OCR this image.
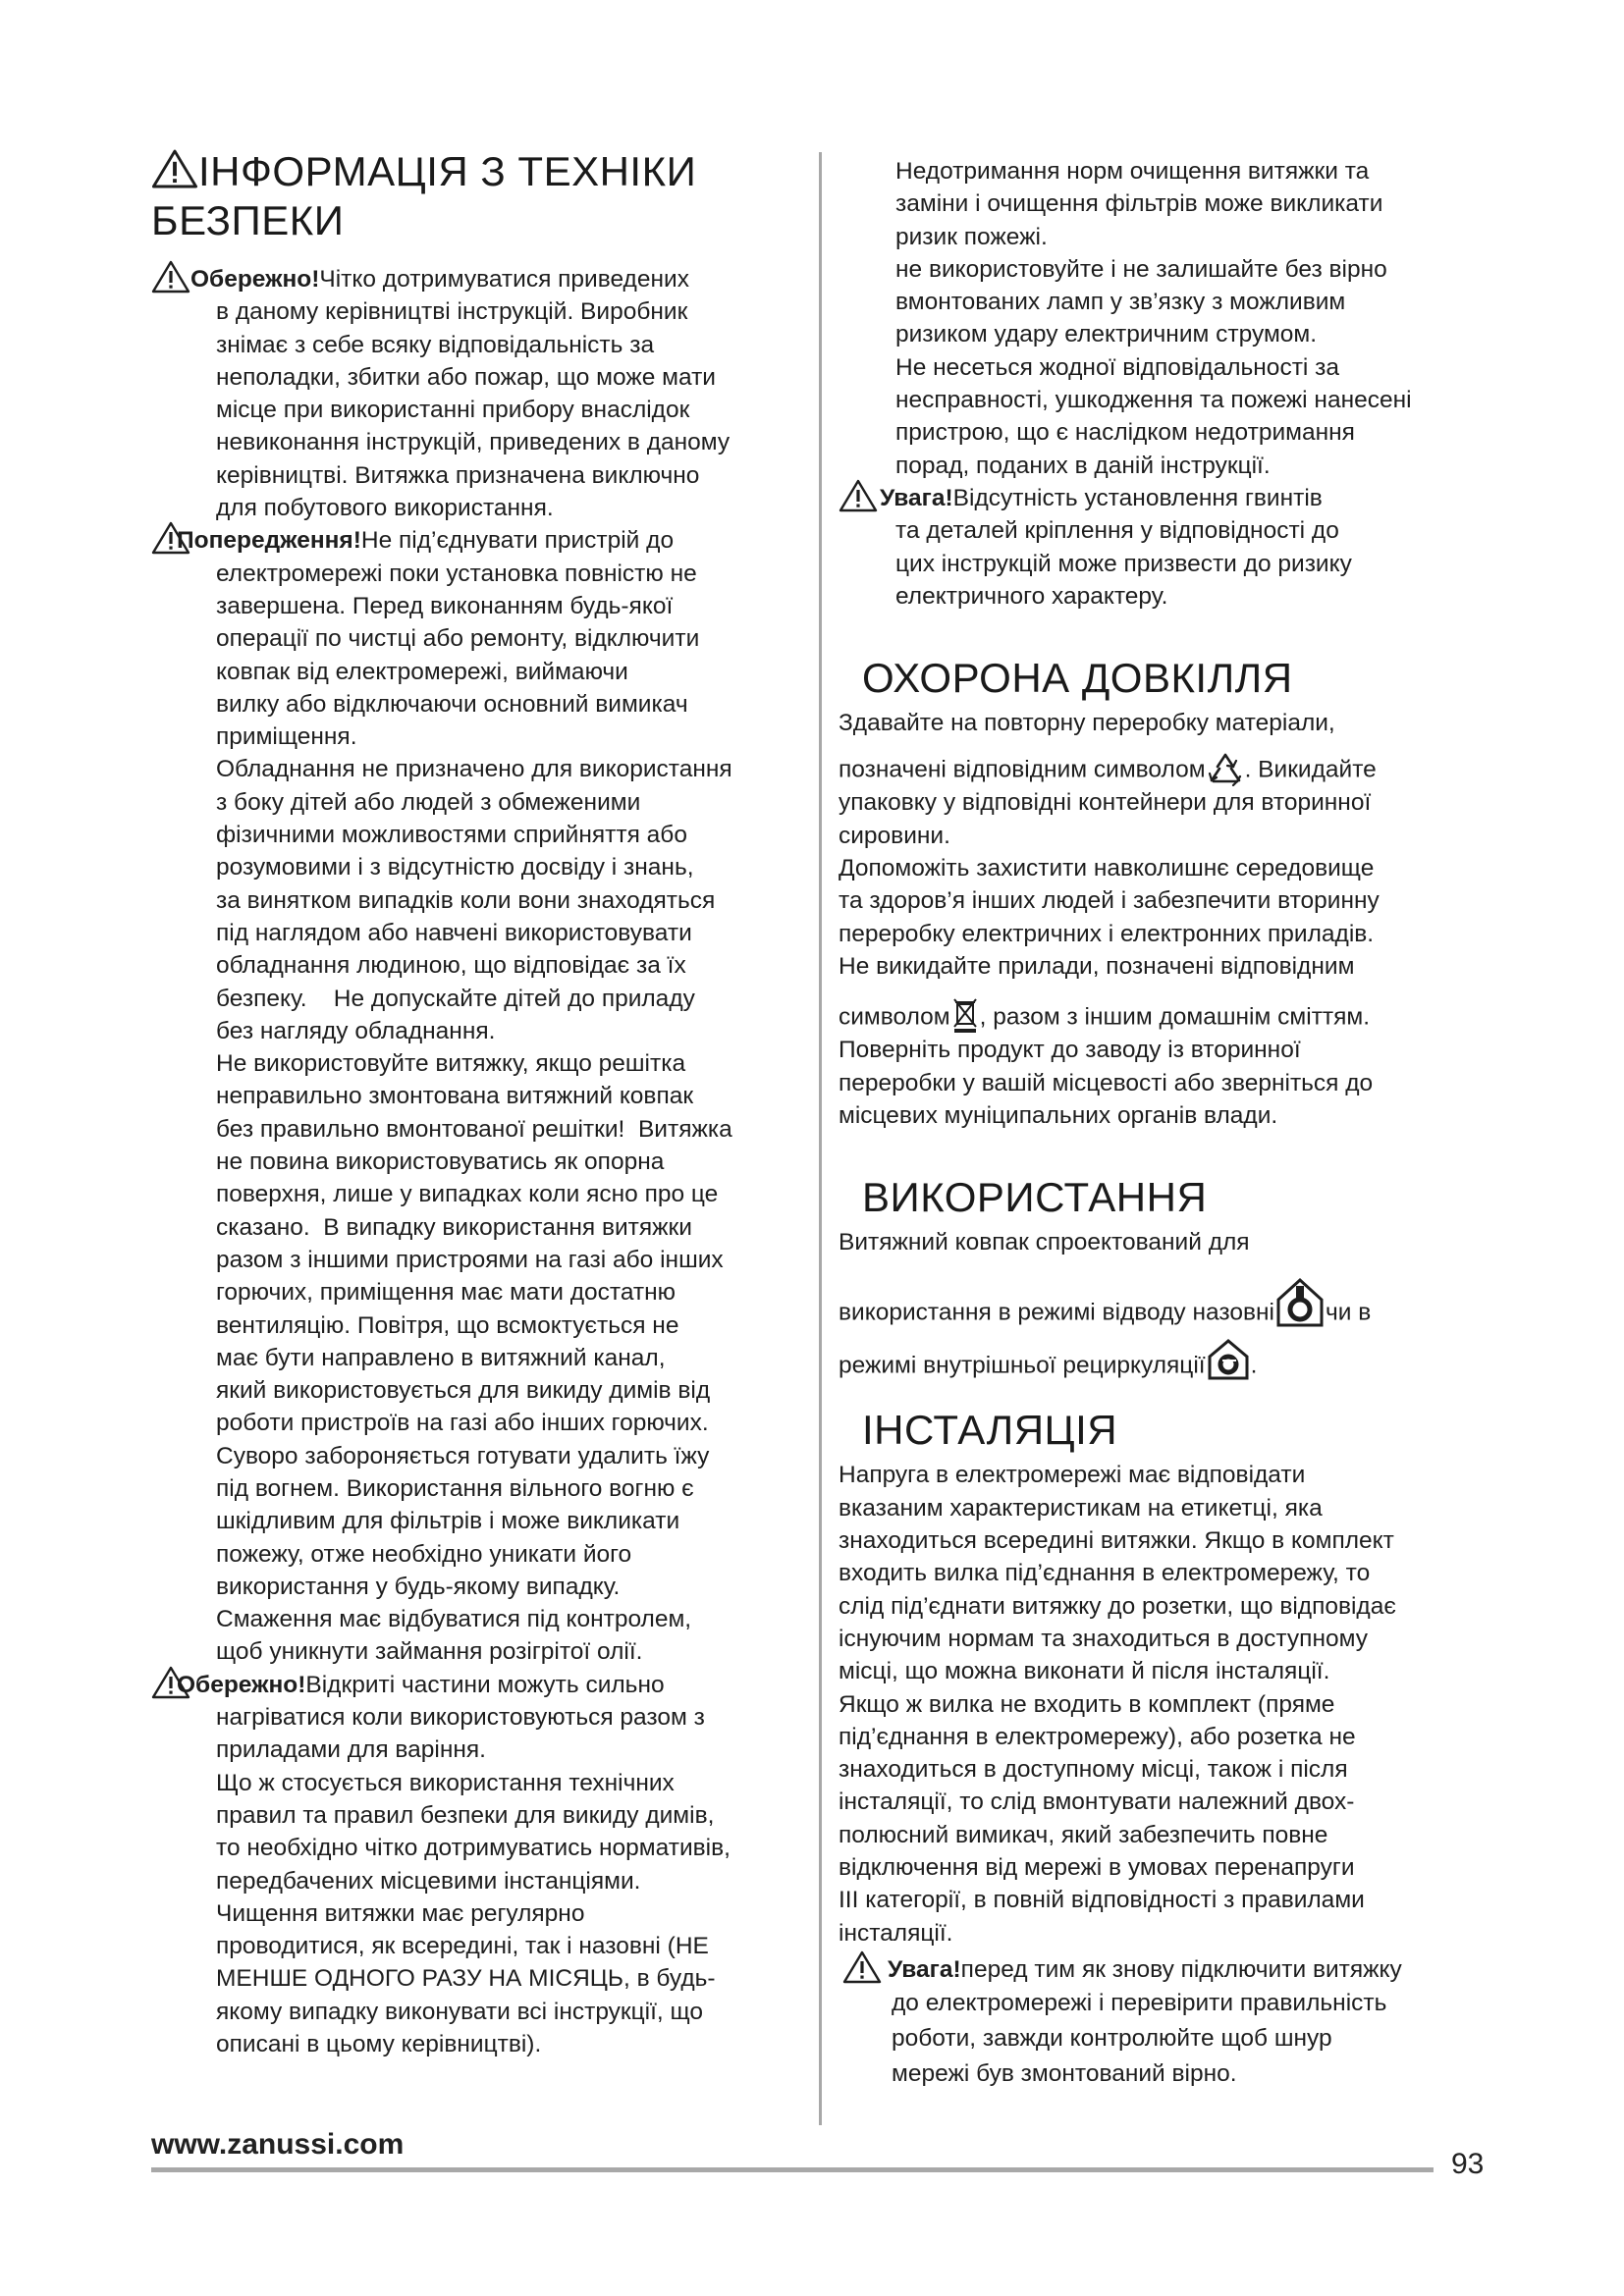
ІНФОРМАЦІЯ З ТЕХНІКИ БЕЗПЕКИ
Обережно!Чітко дотримуватися приведених
в даному керівництві інструкцій. Виробник
знімає з себе всяку відповідальність за
неполадки, збитки або пожар, що може мати
місце при використанні прибору внаслідок
невиконання інструкцій, приведених в даному
керівництві. Витяжка призначена виключно
для побутового використання.
Попередження!Не під’єднувати пристрій до
електромережі поки установка повністю не
завершена. Перед виконанням будь-якої
операції по чистці або ремонту, відключити
ковпак від електромережі, виймаючи
вилку або відключаючи основний вимикач
приміщення.
Обладнання не призначено для використання
з боку дітей або людей з обмеженими
фізичними можливостями сприйняття або
розумовими і з відсутністю досвіду і знань,
за винятком випадків коли вони знаходяться
під наглядом або навчені використовувати
обладнання людиною, що відповідає за їх
безпеку.    Не допускайте дітей до приладу
без нагляду обладнання.
Не використовуйте витяжку, якщо решітка
неправильно змонтована витяжний ковпак
без правильно вмонтованої решітки!  Витяжка
не повина використовуватись як опорна
поверхня, лише у випадках коли ясно про це
сказано.  В випадку використання витяжки
разом з іншими пристроями на газі або інших
горючих, приміщення має мати достатню
вентиляцію. Повітря, що всмоктується не
має бути направлено в витяжний канал,
який використовується для викиду димів від
роботи пристроїв на газі або інших горючих.
Суворо забороняється готувати удалить їжу
під вогнем. Використання вільного вогню є
шкідливим для фільтрів і може викликати
пожежу, отже необхідно уникати його
використання у будь-якому випадку.
Смаження має відбуватися під контролем,
щоб уникнути займання розігрітої олії.
Обережно!Відкриті частини можуть сильно
нагріватися коли використовуються разом з
приладами для варіння.
Що ж стосується використання технічних
правил та правил безпеки для викиду димів,
то необхідно чітко дотримуватись нормативів,
передбачених місцевими інстанціями.
Чищення витяжки має регулярно
проводитися, як всередині, так і назовні (НЕ
МЕНШЕ ОДНОГО РАЗУ НА МІСЯЦЬ, в будь-
якому випадку виконувати всі інструкції, що
описані в цьому керівництві).
Недотримання норм очищення витяжки та
заміни і очищення фільтрів може викликати
ризик пожежі.
не використовуйте і не залишайте без вірно
вмонтованих ламп у зв’язку з можливим
ризиком удару електричним струмом.
Не несеться жодної відповідальності за
несправності, ушкодження та пожежі нанесені
пристрою, що є наслідком недотримання
порад, поданих в даній інструкції.
Увага!Відсутність установлення гвинтів
та деталей кріплення у відповідності до
цих інструкцій може призвести до ризику
електричного характеру.
ОХОРОНА ДОВКІЛЛЯ

Здавайте на повторну переробку матеріали,

позначені відповідним символом . Викидайте

упаковку у відповідні контейнери для вторинної
сировини.
Допоможіть захистити навколишнє середовище
та здоров’я інших людей і забезпечити вторинну
переробку електричних і електронних приладів.
Не викидайте прилади, позначені відповідним

символом , разом з іншим домашнім сміттям.

Поверніть продукт до заводу із вторинної
переробки у вашій місцевості або зверніться до
місцевих муніципальних органів влади.
ВИКОРИСТАННЯ

Витяжний ковпак спроектований для

використання в режимі відводу назовні чи в

режимі внутрішньої рециркуляції .

ІНСТАЛЯЦІЯ
Напруга в електромережі має відповідати
вказаним характеристикам на етикетці, яка
знаходиться всередині витяжки. Якщо в комплект
входить вилка під’єднання в електромережу, то
слід під’єднати витяжку до розетки, що відповідає
існуючим нормам та знаходиться в доступному
місці, що можна виконати й після інсталяції.
Якщо ж вилка не входить в комплект (пряме
під’єднання в електромережу), або розетка не
знаходиться в доступному місці, також і після
інсталяції, то слід вмонтувати належний двох-
полюсний вимикач, який забезпечить повне
відключення від мережі в умовах перенапруги
III категорії, в повній відповідності з правилами
інсталяції.
Увага!перед тим як знову підключити витяжку
до електромережі і перевірити правильність
роботи, завжди контролюйте щоб шнур
мережі був змонтований вірно.
www.zanussi.com
93
